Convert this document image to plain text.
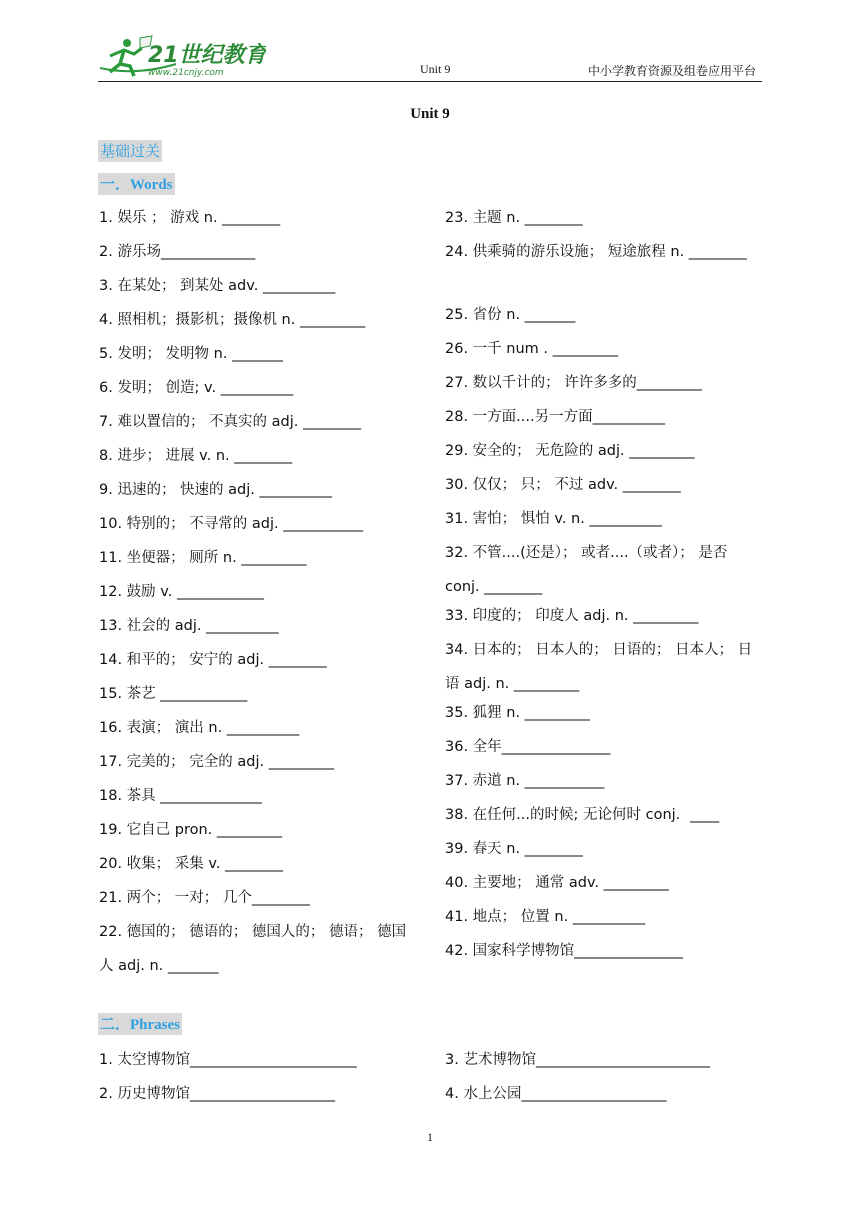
21世纪教育
www.21cnjy.com	Unit 9	中小学教育资源及组卷应用平台
Unit 9
基础过关
一．Words
1. 娱乐 ； 游戏 n. ________
2. 游乐场_____________
3. 在某处； 到某处 adv. __________
4. 照相机；摄影机；摄像机 n. _________
5. 发明； 发明物 n. _______
6. 发明； 创造; v. __________
7. 难以置信的； 不真实的 adj. ________
8. 进步； 进展 v. n. ________
9. 迅速的； 快速的 adj. __________
10. 特别的； 不寻常的 adj. ___________
11. 坐便器； 厕所 n. _________
12. 鼓励 v. ____________
13. 社会的 adj. __________
14. 和平的； 安宁的 adj. ________
15. 茶艺 ____________
16. 表演； 演出 n. __________
17. 完美的； 完全的 adj. _________
18. 茶具 ______________
19. 它自己 pron. _________
20. 收集； 采集 v. ________
21. 两个； 一对； 几个________
22. 德国的； 德语的； 德国人的； 德语； 德国人 adj. n. _______
23. 主题 n. ________
24. 供乘骑的游乐设施； 短途旅程 n. ________
25. 省份 n. _______
26. 一千 num . _________
27. 数以千计的； 许许多多的_________
28. 一方面....另一方面__________
29. 安全的； 无危险的 adj. _________
30. 仅仅； 只； 不过 adv. ________
31. 害怕； 惧怕 v. n. __________
32. 不管....(还是）； 或者....（或者）； 是否 conj. ________
33. 印度的； 印度人 adj. n. _________
34. 日本的； 日本人的； 日语的； 日本人； 日语 adj. n. _________
35. 狐狸 n. _________
36. 全年_______________
37. 赤道 n. ___________
38. 在任何...的时候; 无论何时 conj．____
39. 春天 n. ________
40. 主要地； 通常 adv. _________
41. 地点； 位置 n. __________
42. 国家科学博物馆_______________
二．Phrases
1. 太空博物馆_______________________	3. 艺术博物馆________________________
2. 历史博物馆____________________	4. 水上公园____________________
1
